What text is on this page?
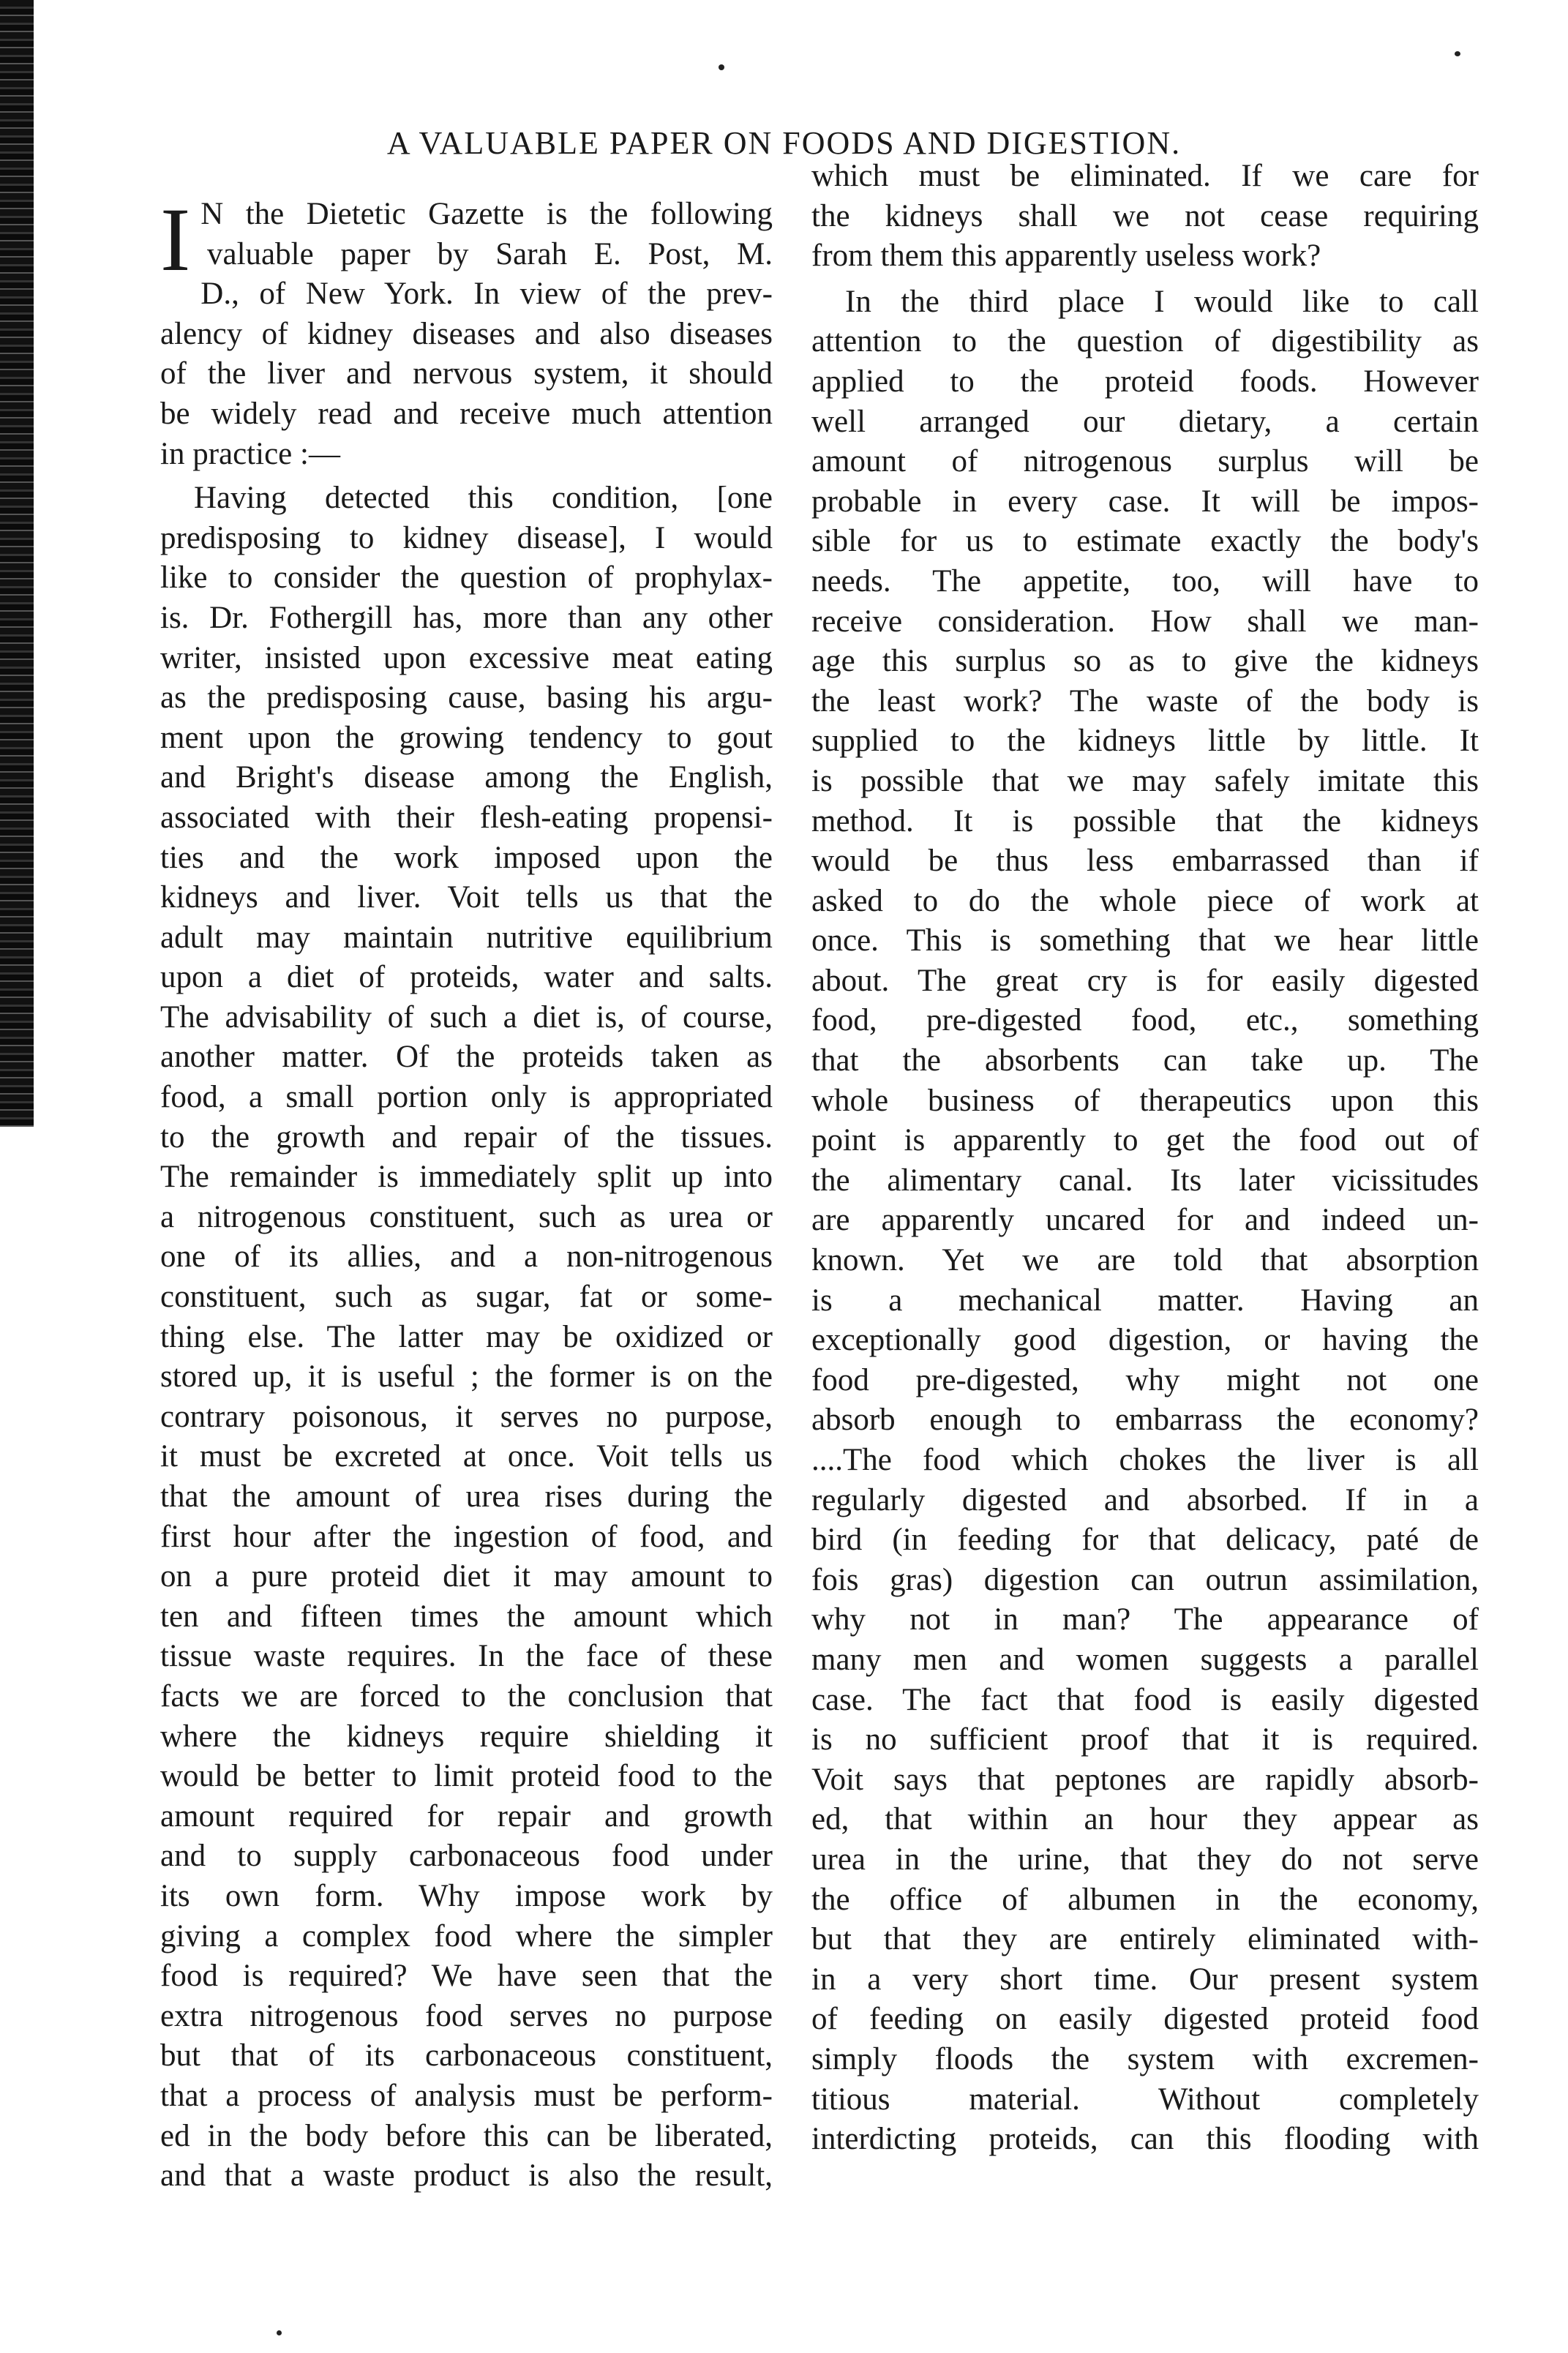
A VALUABLE PAPER ON FOODS AND DIGESTION.
I N the Dietetic Gazette is the following
valuable paper by Sarah E. Post, M.
D., of New York. In view of the prev-
alency of kidney diseases and also diseases
of the liver and nervous system, it should
be widely read and receive much attention
in practice :—
Having detected this condition, [one
predisposing to kidney disease], I would
like to consider the question of prophylax-
is. Dr. Fothergill has, more than any other
writer, insisted upon excessive meat eating
as the predisposing cause, basing his argu-
ment upon the growing tendency to gout
and Bright's disease among the English,
associated with their flesh-eating propensi-
ties and the work imposed upon the
kidneys and liver. Voit tells us that the
adult may maintain nutritive equilibrium
upon a diet of proteids, water and salts.
The advisability of such a diet is, of course,
another matter. Of the proteids taken as
food, a small portion only is appropriated
to the growth and repair of the tissues.
The remainder is immediately split up into
a nitrogenous constituent, such as urea or
one of its allies, and a non-nitrogenous
constituent, such as sugar, fat or some-
thing else. The latter may be oxidized or
stored up, it is useful ; the former is on the
contrary poisonous, it serves no purpose,
it must be excreted at once. Voit tells us
that the amount of urea rises during the
first hour after the ingestion of food, and
on a pure proteid diet it may amount to
ten and fifteen times the amount which
tissue waste requires. In the face of these
facts we are forced to the conclusion that
where the kidneys require shielding it
would be better to limit proteid food to the
amount required for repair and growth
and to supply carbonaceous food under
its own form. Why impose work by
giving a complex food where the simpler
food is required? We have seen that the
extra nitrogenous food serves no purpose
but that of its carbonaceous constituent,
that a process of analysis must be perform-
ed in the body before this can be liberated,
and that a waste product is also the result,
which must be eliminated. If we care for
the kidneys shall we not cease requiring
from them this apparently useless work?
In the third place I would like to call
attention to the question of digestibility as
applied to the proteid foods. However
well arranged our dietary, a certain
amount of nitrogenous surplus will be
probable in every case. It will be impos-
sible for us to estimate exactly the body's
needs. The appetite, too, will have to
receive consideration. How shall we man-
age this surplus so as to give the kidneys
the least work? The waste of the body is
supplied to the kidneys little by little. It
is possible that we may safely imitate this
method. It is possible that the kidneys
would be thus less embarrassed than if
asked to do the whole piece of work at
once. This is something that we hear little
about. The great cry is for easily digested
food, pre-digested food, etc., something
that the absorbents can take up. The
whole business of therapeutics upon this
point is apparently to get the food out of
the alimentary canal. Its later vicissitudes
are apparently uncared for and indeed un-
known. Yet we are told that absorption
is a mechanical matter. Having an
exceptionally good digestion, or having the
food pre-digested, why might not one
absorb enough to embarrass the economy?
....The food which chokes the liver is all
regularly digested and absorbed. If in a
bird (in feeding for that delicacy, paté de
fois gras) digestion can outrun assimilation,
why not in man? The appearance of
many men and women suggests a parallel
case. The fact that food is easily digested
is no sufficient proof that it is required.
Voit says that peptones are rapidly absorb-
ed, that within an hour they appear as
urea in the urine, that they do not serve
the office of albumen in the economy,
but that they are entirely eliminated with-
in a very short time. Our present system
of feeding on easily digested proteid food
simply floods the system with excremen-
titious material. Without completely
interdicting proteids, can this flooding with
